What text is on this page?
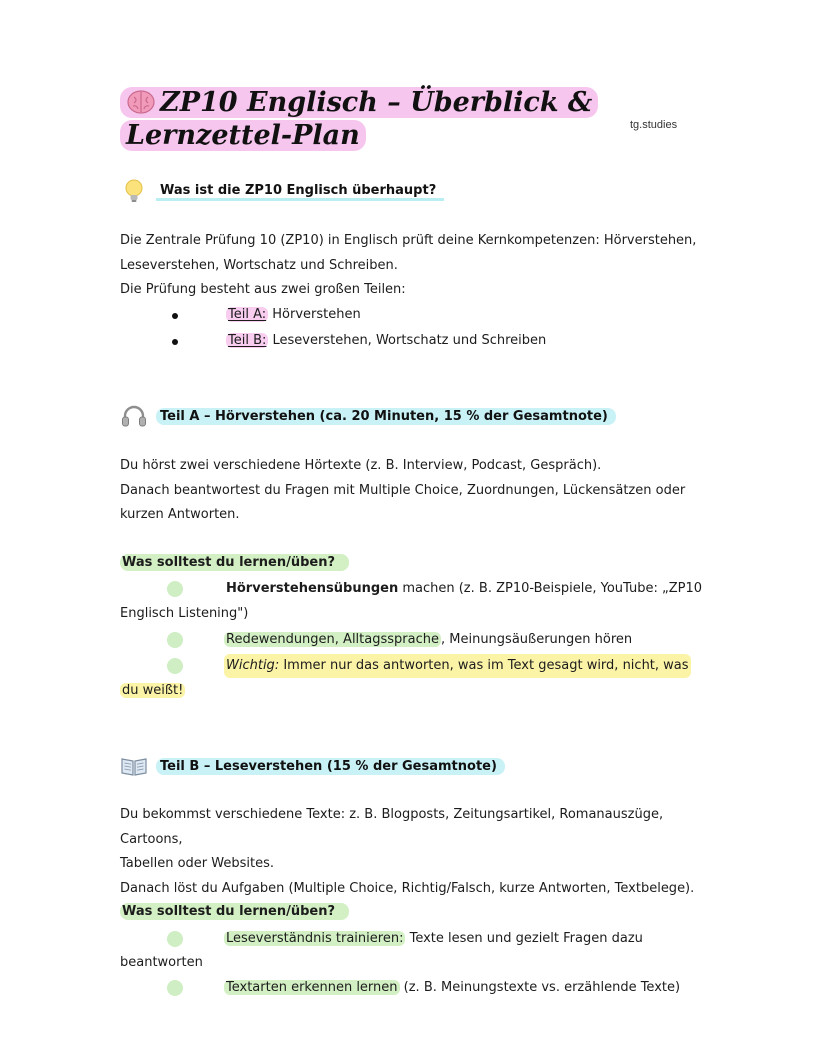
ZP10 Englisch – Überblick & Lernzettel-Plan	tg.studies
Was ist die ZP10 Englisch überhaupt?
Die Zentrale Prüfung 10 (ZP10) in Englisch prüft deine Kernkompetenzen: Hörverstehen,
Leseverstehen, Wortschatz und Schreiben.
Die Prüfung besteht aus zwei großen Teilen:
Teil A: Hörverstehen
Teil B: Leseverstehen, Wortschatz und Schreiben
Teil A – Hörverstehen (ca. 20 Minuten, 15 % der Gesamtnote)
Du hörst zwei verschiedene Hörtexte (z. B. Interview, Podcast, Gespräch).
Danach beantwortest du Fragen mit Multiple Choice, Zuordnungen, Lückensätzen oder
kurzen Antworten.
Was solltest du lernen/üben?
Hörverstehensübungen machen (z. B. ZP10-Beispiele, YouTube: „ZP10
Englisch Listening")
Redewendungen, Alltagssprache , Meinungsäußerungen hören
Wichtig: Immer nur das antworten, was im Text gesagt wird, nicht, was
du weißt!
Teil B – Leseverstehen (15 % der Gesamtnote)
Du bekommst verschiedene Texte: z. B. Blogposts, Zeitungsartikel, Romanauszüge, Cartoons,
Tabellen oder Websites.
Danach löst du Aufgaben (Multiple Choice, Richtig/Falsch, kurze Antworten, Textbelege).
Was solltest du lernen/üben?
Leseverständnis trainieren: Texte lesen und gezielt Fragen dazu
beantworten
Textarten erkennen lernen (z. B. Meinungstexte vs. erzählende Texte)
